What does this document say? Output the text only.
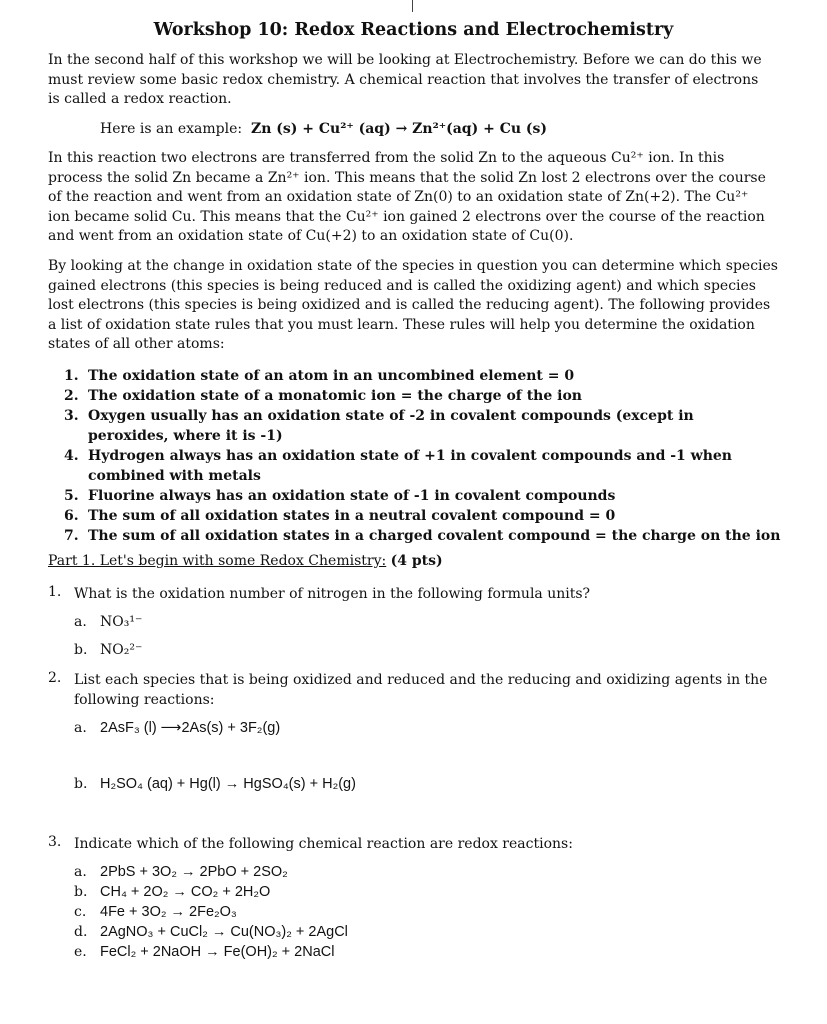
Workshop 10: Redox Reactions and Electrochemistry
In the second half of this workshop we will be looking at Electrochemistry. Before we can do this we
must review some basic redox chemistry. A chemical reaction that involves the transfer of electrons
is called a redox reaction.
Here is an example: Zn (s) + Cu²⁺ (aq) → Zn²⁺(aq) + Cu (s)
In this reaction two electrons are transferred from the solid Zn to the aqueous Cu²⁺ ion. In this
process the solid Zn became a Zn²⁺ ion. This means that the solid Zn lost 2 electrons over the course
of the reaction and went from an oxidation state of Zn(0) to an oxidation state of Zn(+2). The Cu²⁺
ion became solid Cu. This means that the Cu²⁺ ion gained 2 electrons over the course of the reaction
and went from an oxidation state of Cu(+2) to an oxidation state of Cu(0).
By looking at the change in oxidation state of the species in question you can determine which species
gained electrons (this species is being reduced and is called the oxidizing agent) and which species
lost electrons (this species is being oxidized and is called the reducing agent). The following provides
a list of oxidation state rules that you must learn. These rules will help you determine the oxidation
states of all other atoms:
1. The oxidation state of an atom in an uncombined element = 0
2. The oxidation state of a monatomic ion = the charge of the ion
3. Oxygen usually has an oxidation state of -2 in covalent compounds (except in
peroxides, where it is -1)
4. Hydrogen always has an oxidation state of +1 in covalent compounds and -1 when
combined with metals
5. Fluorine always has an oxidation state of -1 in covalent compounds
6. The sum of all oxidation states in a neutral covalent compound = 0
7. The sum of all oxidation states in a charged covalent compound = the charge on the ion
Part 1. Let's begin with some Redox Chemistry: (4 pts)
1. What is the oxidation number of nitrogen in the following formula units?
a. NO₃¹⁻
b. NO₂²⁻
2. List each species that is being oxidized and reduced and the reducing and oxidizing agents in the
following reactions:
a. 2AsF₃ (l) ⟶2As(s) + 3F₂(g)
b. H₂SO₄ (aq) + Hg(l) → HgSO₄(s) + H₂(g)
3. Indicate which of the following chemical reaction are redox reactions:
a. 2PbS + 3O₂ → 2PbO + 2SO₂
b. CH₄ + 2O₂ → CO₂ + 2H₂O
c. 4Fe + 3O₂ → 2Fe₂O₃
d. 2AgNO₃ + CuCl₂ → Cu(NO₃)₂ + 2AgCl
e. FeCl₂ + 2NaOH → Fe(OH)₂ + 2NaCl
